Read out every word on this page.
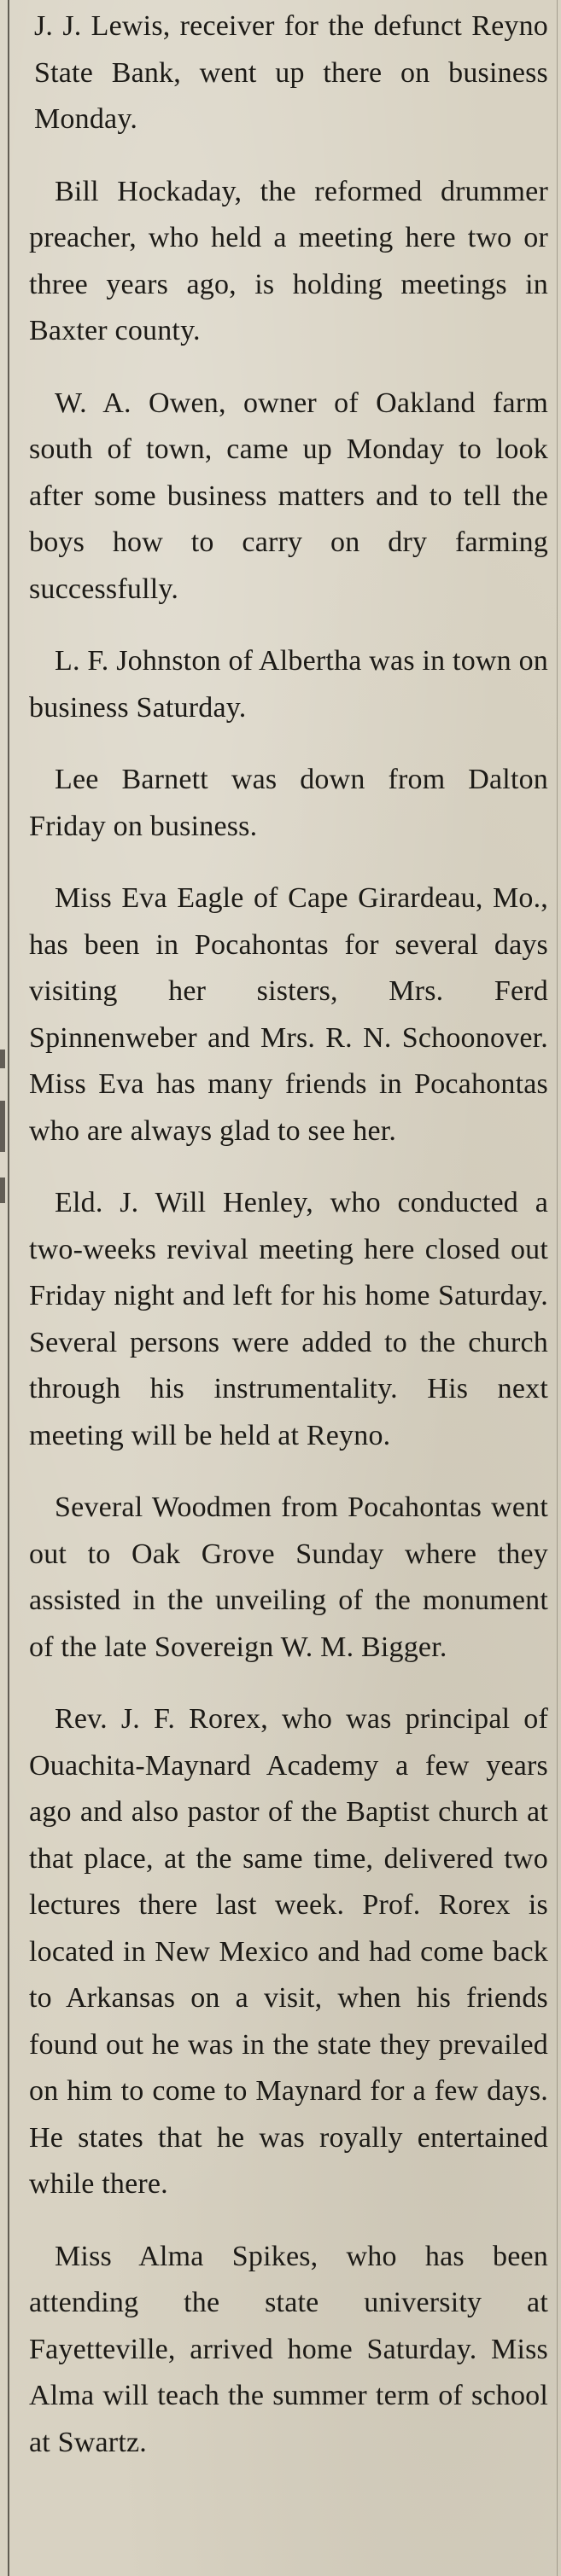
J. J. Lewis, receiver for the defunct Reyno State Bank, went up there on business Monday.

Bill Hockaday, the reformed drummer preacher, who held a meeting here two or three years ago, is holding meetings in Baxter county.

W. A. Owen, owner of Oakland farm south of town, came up Monday to look after some business matters and to tell the boys how to carry on dry farming successfully.

L. F. Johnston of Albertha was in town on business Saturday.

Lee Barnett was down from Dalton Friday on business.

Miss Eva Eagle of Cape Girardeau, Mo., has been in Pocahontas for several days visiting her sisters, Mrs. Ferd Spinnenweber and Mrs. R. N. Schoonover. Miss Eva has many friends in Pocahontas who are always glad to see her.

Eld. J. Will Henley, who conducted a two-weeks revival meeting here closed out Friday night and left for his home Saturday. Several persons were added to the church through his instrumentality. His next meeting will be held at Reyno.

Several Woodmen from Pocahontas went out to Oak Grove Sunday where they assisted in the unveiling of the monument of the late Sovereign W. M. Bigger.

Rev. J. F. Rorex, who was principal of Ouachita-Maynard Academy a few years ago and also pastor of the Baptist church at that place, at the same time, delivered two lectures there last week. Prof. Rorex is located in New Mexico and had come back to Arkansas on a visit, when his friends found out he was in the state they prevailed on him to come to Maynard for a few days. He states that he was royally entertained while there.

Miss Alma Spikes, who has been attending the state university at Fayetteville, arrived home Saturday. Miss Alma will teach the summer term of school at Swartz.
